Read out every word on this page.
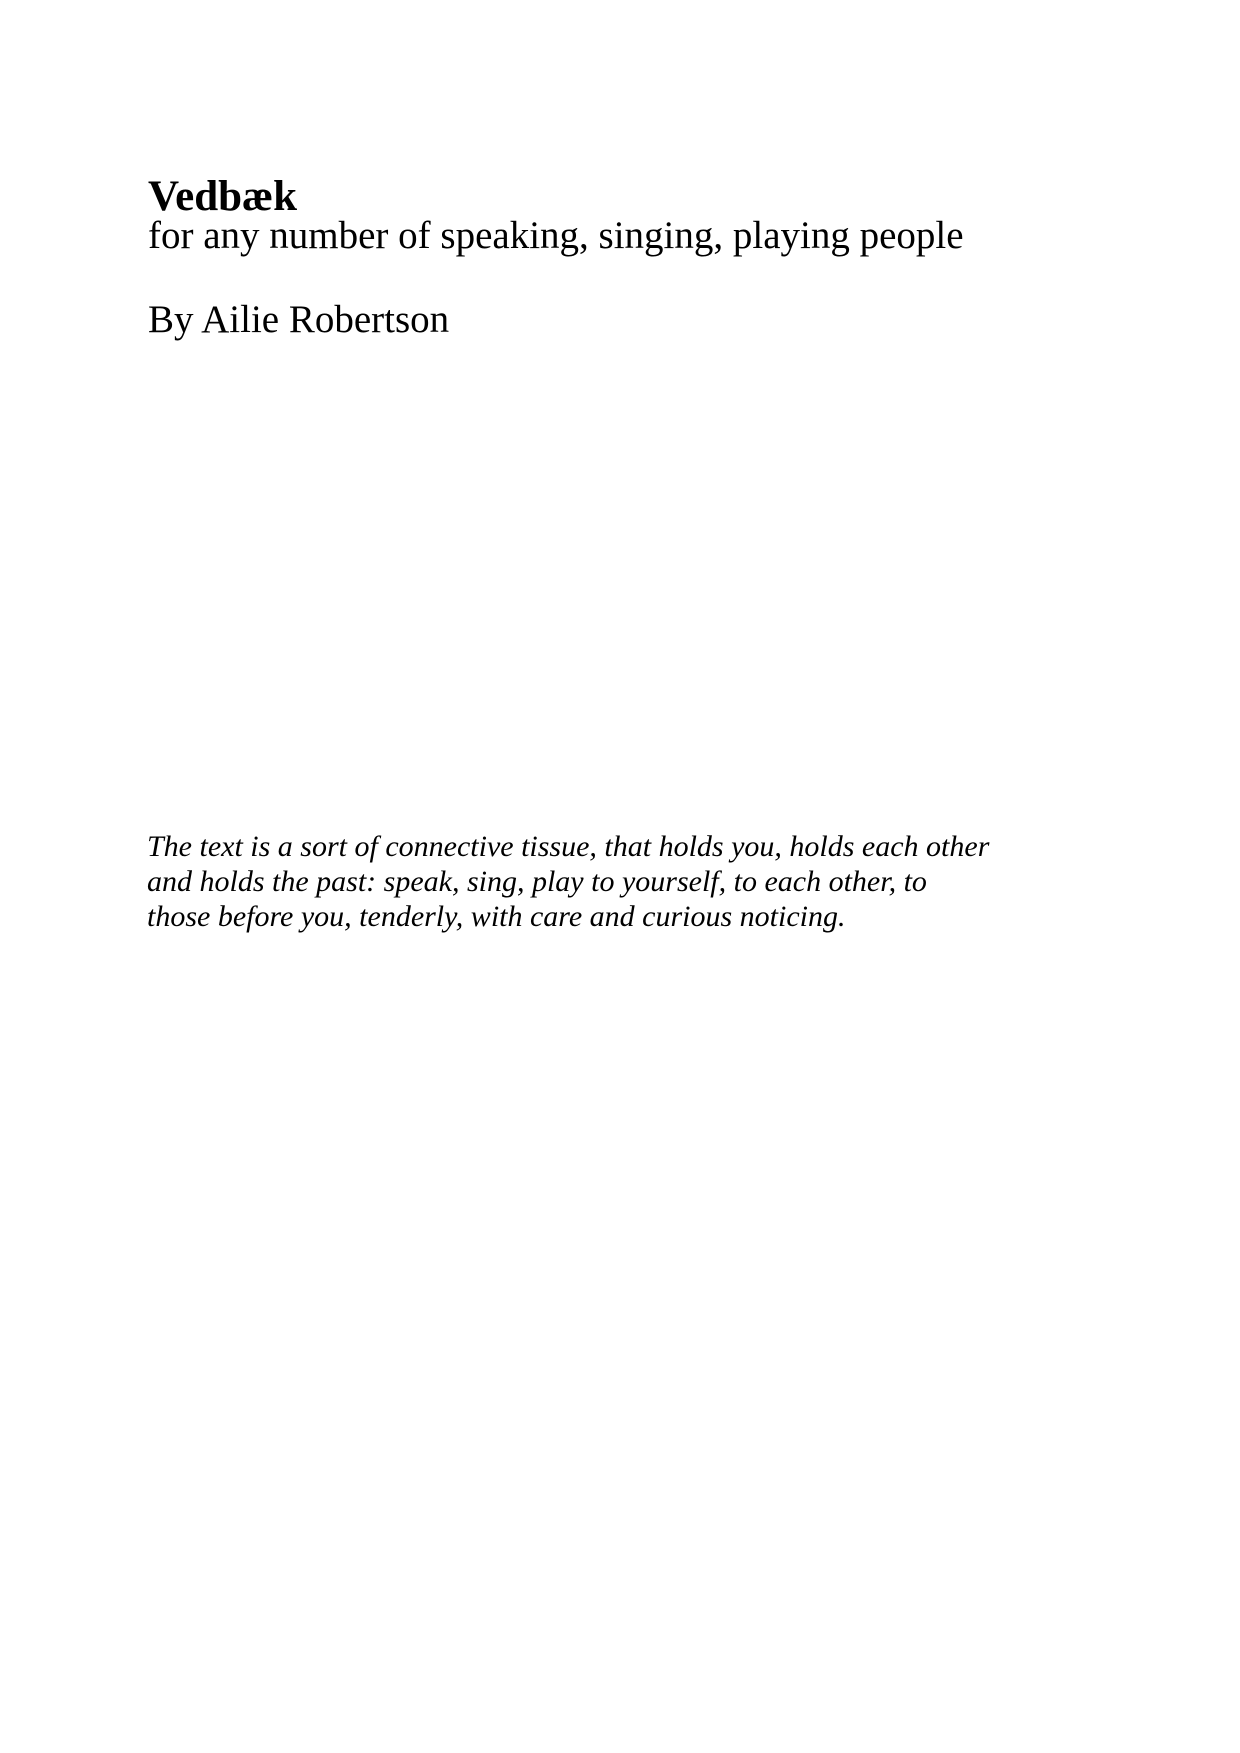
Vedbæk
for any number of speaking, singing, playing people
By Ailie Robertson
The text is a sort of connective tissue, that holds you, holds each other
and holds the past: speak, sing, play to yourself, to each other, to
those before you, tenderly, with care and curious noticing.
